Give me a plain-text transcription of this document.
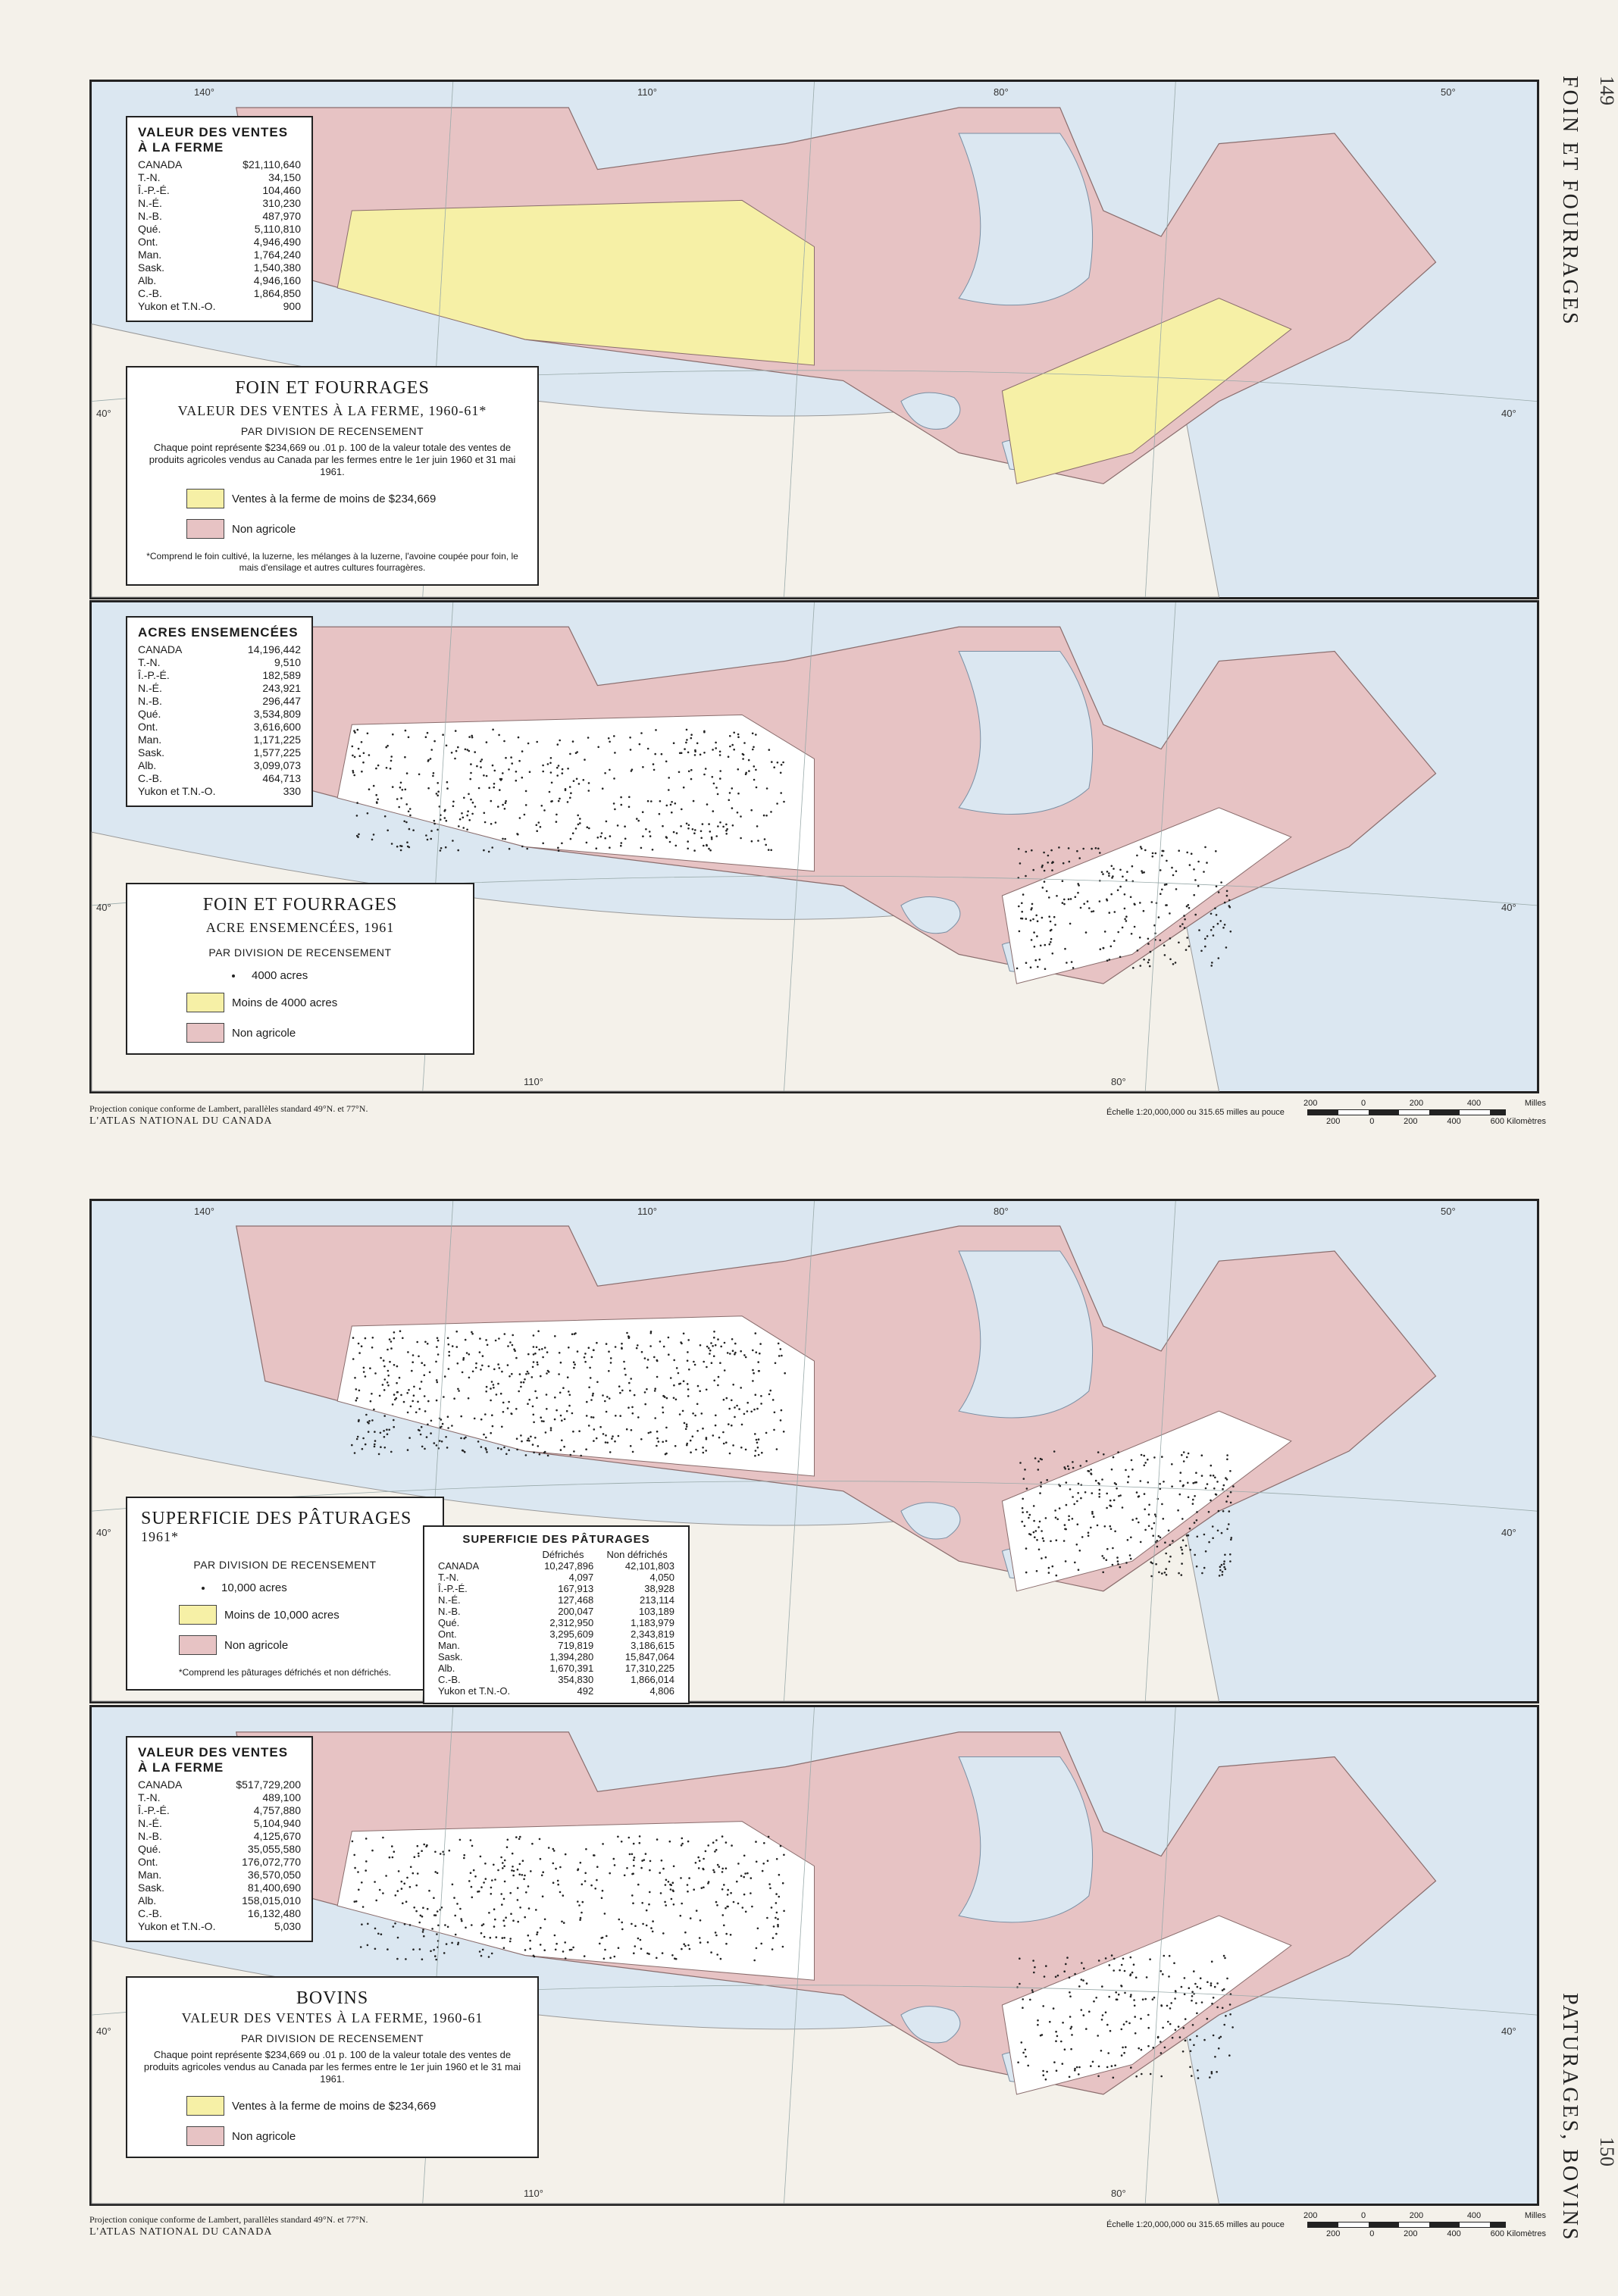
149
FOIN ET FOURRAGES
PATURAGES, BOVINS 150
140°	110°	80°	50°
40°	40°
VALEUR DES VENTES
À LA FERME
CANADA	$21,110,640
T.-N.	34,150
Î.-P.-É.	104,460
N.-É.	310,230
N.-B.	487,970
Qué.	5,110,810
Ont.	4,946,490
Man.	1,764,240
Sask.	1,540,380
Alb.	4,946,160
C.-B.	1,864,850
Yukon et T.N.-O.	900
FOIN ET FOURRAGES
VALEUR DES VENTES À LA FERME, 1960-61*
PAR DIVISION DE RECENSEMENT
Chaque point représente $234,669 ou .01 p. 100 de la valeur totale des ventes de produits agricoles vendus au Canada par les fermes entre le 1er juin 1960 et 31 mai 1961.
Ventes à la ferme de moins de $234,669
Non agricole
*Comprend le foin cultivé, la luzerne, les mélanges à la luzerne, l'avoine coupée pour foin, le mais d'ensilage et autres cultures fourragères.
40°	40°
110°	80°
ACRES ENSEMENCÉES
CANADA	14,196,442
T.-N.	9,510
Î.-P.-É.	182,589
N.-É.	243,921
N.-B.	296,447
Qué.	3,534,809
Ont.	3,616,600
Man.	1,171,225
Sask.	1,577,225
Alb.	3,099,073
C.-B.	464,713
Yukon et T.N.-O.	330
FOIN ET FOURRAGES
ACRE ENSEMENCÉES, 1961
PAR DIVISION DE RECENSEMENT
4000 acres
Moins de 4000 acres
Non agricole
Projection conique conforme de Lambert, parallèles standard 49°N. et 77°N.
L'ATLAS NATIONAL DU CANADA
Échelle 1:20,000,000 ou 315.65 milles au pouce
200	0	200	400	Milles
200	0	200	400	600 Kilomètres
140°	110°	80°	50°
40°	40°
SUPERFICIE DES PÂTURAGES
1961*
PAR DIVISION DE RECENSEMENT
10,000 acres
Moins de 10,000 acres
Non agricole
*Comprend les pâturages défrichés et non défrichés.
SUPERFICIE DES PÂTURAGES
	Défrichés	Non défrichés
CANADA	10,247,896	42,101,803
T.-N.	4,097	4,050
Î.-P.-É.	167,913	38,928
N.-É.	127,468	213,114
N.-B.	200,047	103,189
Qué.	2,312,950	1,183,979
Ont.	3,295,609	2,343,819
Man.	719,819	3,186,615
Sask.	1,394,280	15,847,064
Alb.	1,670,391	17,310,225
C.-B.	354,830	1,866,014
Yukon et T.N.-O.	492	4,806
40°	40°
110°	80°
VALEUR DES VENTES
À LA FERME
CANADA	$517,729,200
T.-N.	489,100
Î.-P.-É.	4,757,880
N.-É.	5,104,940
N.-B.	4,125,670
Qué.	35,055,580
Ont.	176,072,770
Man.	36,570,050
Sask.	81,400,690
Alb.	158,015,010
C.-B.	16,132,480
Yukon et T.N.-O.	5,030
BOVINS
VALEUR DES VENTES À LA FERME, 1960-61
PAR DIVISION DE RECENSEMENT
Chaque point représente $234,669 ou .01 p. 100 de la valeur totale des ventes de produits agricoles vendus au Canada par les fermes entre le 1er juin 1960 et le 31 mai 1961.
Ventes à la ferme de moins de $234,669
Non agricole
Projection conique conforme de Lambert, parallèles standard 49°N. et 77°N.
L'ATLAS NATIONAL DU CANADA
Échelle 1:20,000,000 ou 315.65 milles au pouce
200	0	200	400	Milles
200	0	200	400	600 Kilomètres
